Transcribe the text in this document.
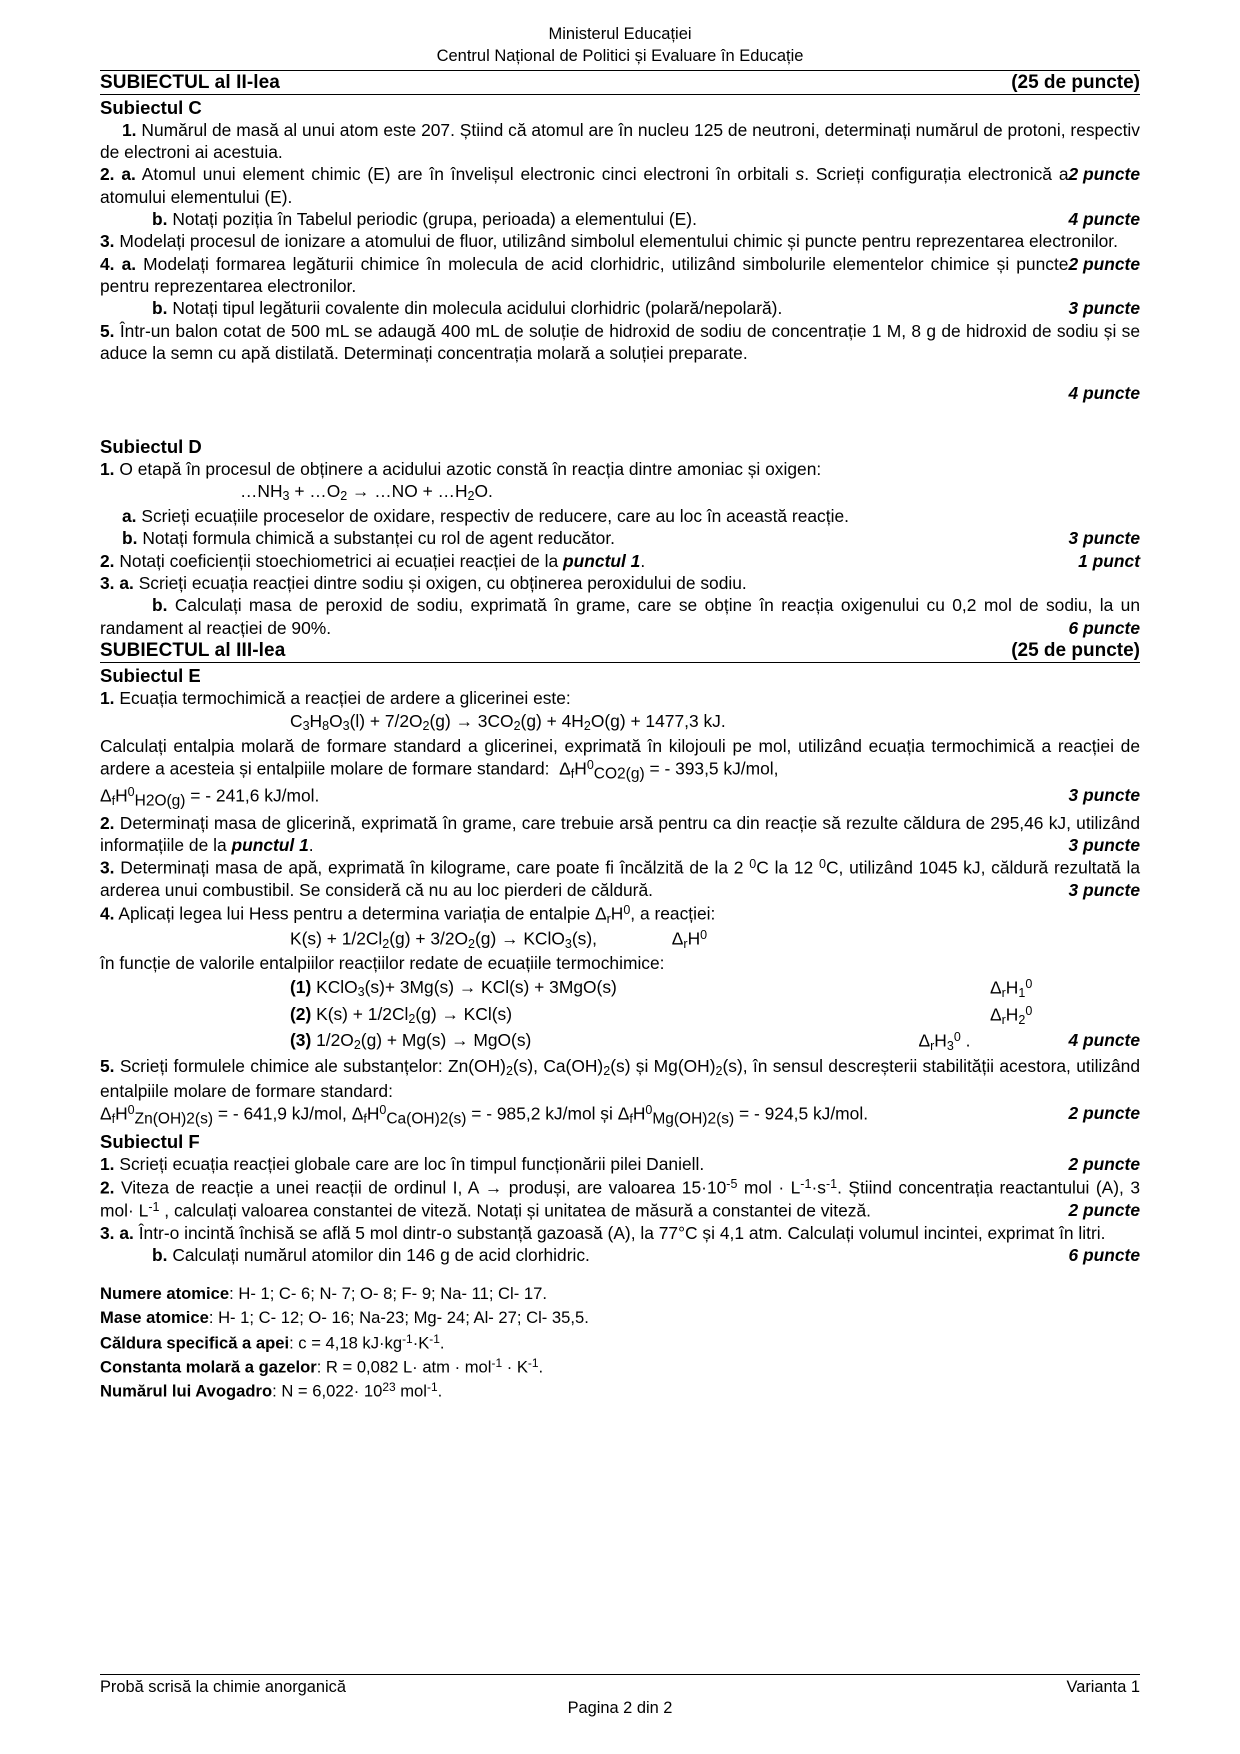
Ministerul Educației
Centrul Național de Politici și Evaluare în Educație
SUBIECTUL al II-lea	(25 de puncte)
Subiectul C

1. Numărul de masă al unui atom este 207. Știind că atomul are în nucleu 125 de neutroni, determinați numărul de protoni, respectiv de electroni ai acestuia.

2 puncte

2. a. Atomul unui element chimic (E) are în învelișul electronic cinci electroni în orbitali s. Scrieți configurația electronică a atomului elementului (E).

4 puncte
b. Notați poziția în Tabelul periodic (grupa, perioada) a elementului (E).

3. Modelați procesul de ionizare a atomului de fluor, utilizând simbolul elementului chimic și puncte pentru reprezentarea electronilor.

2 puncte

4. a. Modelați formarea legăturii chimice în molecula de acid clorhidric, utilizând simbolurile elementelor chimice și puncte pentru reprezentarea electronilor.

3 puncte
b. Notați tipul legăturii covalente din molecula acidului clorhidric (polară/nepolară).

5. Într-un balon cotat de 500 mL se adaugă 400 mL de soluție de hidroxid de sodiu de concentrație 1 M, 8 g de hidroxid de sodiu și se aduce la semn cu apă distilată. Determinați concentrația molară a soluției preparate.

4 puncte

Subiectul D

1. O etapă în procesul de obținere a acidului azotic constă în reacția dintre amoniac și oxigen:

$\dots NH_3$ + $\dots O_2$ → …NO + $\dots H_2O$.

a. Scrieți ecuațiile proceselor de oxidare, respectiv de reducere, care au loc în această reacție.

3 puncte
b. Notați formula chimică a substanței cu rol de agent reducător.

1 punct
2. Notați coeficienții stoechiometrici ai ecuației reacției de la punctul 1.

3. a. Scrieți ecuația reacției dintre sodiu și oxigen, cu obținerea peroxidului de sodiu.

b. Calculați masa de peroxid de sodiu, exprimată în grame, care se obține în reacția oxigenului cu 0,2 mol de sodiu, la un randament al reacției de 90%.	6 puncte

SUBIECTUL al III-lea	(25 de puncte)
Subiectul E

1. Ecuația termochimică a reacției de ardere a glicerinei este:

$C_3H_8O_3(l) + 7/2O_2(g) \to 3CO_2(g) + 4H_2O(g) + 1477,3$ kJ.

Calculați entalpia molară de formare standard a glicerinei, exprimată în kilojouli pe mol, utilizând ecuația termochimică a reacției de ardere a acesteia și entalpiile molare de formare standard:  $\Delta_fH^0_{CO2(g)}$ = - 393,5 kJ/mol,

3 puncte
$\Delta_fH^0_{H2O(g)}$ = - 241,6 kJ/mol.

2. Determinați masa de glicerină, exprimată în grame, care trebuie arsă pentru ca din reacție să rezulte căldura de 295,46 kJ, utilizând informațiile de la punctul 1.	3 puncte

3. Determinați masa de apă, exprimată în kilograme, care poate fi încălzită de la 2 $^0$C la 12 $^0$C, utilizând 1045 kJ, căldură rezultată la arderea unui combustibil. Se consideră că nu au loc pierderi de căldură.	3 puncte

4. Aplicați legea lui Hess pentru a determina variația de entalpie $\Delta_rH^0$, a reacției:

$K(s) + 1/2Cl_2(g) + 3/2O_2(g)$ → KClO$_3$(s),	$\Delta_rH^0$

în funcție de valorile entalpiilor reacțiilor redate de ecuațiile termochimice:

(1) KClO$_3$(s)+ 3Mg(s) → KCl(s) + 3MgO(s)	$\Delta_rH_1^0$
(2) $K(s) + 1/2Cl_2(g) \to KCl(s)$	$\Delta_rH_2^0$
(3) $1/2O_2(g) + Mg(s) \to MgO(s)$	$\Delta_rH_3^0$ .	4 puncte

5. Scrieți formulele chimice ale substanțelor: $Zn(OH)_2(s)$, $Ca(OH)_2(s)$ și $Mg(OH)_2(s)$, în sensul descreșterii stabilității acestora, utilizând entalpiile molare de formare standard:

2 puncte
$\Delta_fH^0_{Zn(OH)2(s)}$ = - 641,9 kJ/mol, $\Delta_fH^0_{Ca(OH)2(s)}$ = - 985,2 kJ/mol și $\Delta_fH^0_{Mg(OH)2(s)}$ = - 924,5 kJ/mol.

Subiectul F

2 puncte
1. Scrieți ecuația reacției globale care are loc în timpul funcționării pilei Daniell.

2. Viteza de reacție a unei reacții de ordinul I, A → produși, are valoarea $15\cdot 10^{-5}$ mol · $L^{-1}\cdot s^{-1}$. Știind concentrația reactantului (A), 3 $mol\cdot L^{-1}$ , calculați valoarea constantei de viteză. Notați și unitatea de măsură a constantei de viteză.	2 puncte

3. a. Într-o incintă închisă se află 5 mol dintr-o substanță gazoasă (A), la 77°C și 4,1 atm. Calculați volumul incintei, exprimat în litri.

6 puncte
b. Calculați numărul atomilor din 146 g de acid clorhidric.

Numere atomice: H- 1; C- 6; N- 7; O- 8; F- 9; Na- 11; Cl- 17.
Mase atomice: H- 1; C- 12; O- 16; Na-23; Mg- 24; Al- 27; Cl- 35,5.
Căldura specifică a apei: c = 4,18 $kJ\cdot kg^{-1}\cdot K^{-1}$.
Constanta molară a gazelor: R = 0,082 L· atm · $mol^{-1} \cdot K^{-1}$.
Numărul lui Avogadro: $N = 6,022\cdot 10^{23}$ mol$^{-1}$.
Probă scrisă la chimie anorganică	Varianta 1
Pagina 2 din 2
